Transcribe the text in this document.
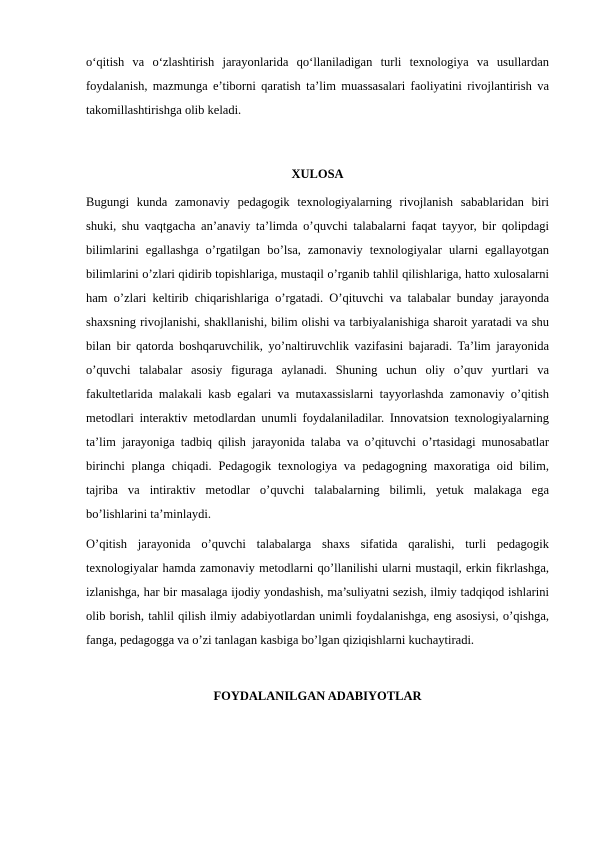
o‘qitish va o‘zlashtirish jarayonlarida qo‘llaniladigan turli texnologiya va usullardan foydalanish, mazmunga e’tiborni qaratish ta’lim muassasalari faoliyatini rivojlantirish va takomillashtirishga olib keladi.

XULOSA

Bugungi kunda zamonaviy pedagogik texnologiyalarning rivojlanish sabablaridan biri shuki, shu vaqtgacha an’anaviy ta’limda o’quvchi talabalarni faqat tayyor, bir qolipdagi bilimlarini egallashga o’rgatilgan bo’lsa, zamonaviy texnologiyalar ularni egallayotgan bilimlarini o’zlari qidirib topishlariga, mustaqil o’rganib tahlil qilishlariga, hatto xulosalarni ham o’zlari keltirib chiqarishlariga o’rgatadi. O’qituvchi va talabalar bunday jarayonda shaxsning rivojlanishi, shakllanishi, bilim olishi va tarbiyalanishiga sharoit yaratadi va shu bilan bir qatorda boshqaruvchilik, yo’naltiruvchlik vazifasini bajaradi. Ta’lim jarayonida o’quvchi talabalar asosiy figuraga aylanadi. Shuning uchun oliy o’quv yurtlari va fakultetlarida malakali kasb egalari va mutaxassislarni tayyorlashda zamonaviy o’qitish metodlari interaktiv metodlardan unumli foydalaniladilar. Innovatsion texnologiyalarning ta’lim jarayoniga tadbiq qilish jarayonida talaba va o’qituvchi o’rtasidagi munosabatlar birinchi planga chiqadi. Pedagogik texnologiya va pedagogning maxoratiga oid bilim, tajriba va intiraktiv metodlar o’quvchi talabalarning bilimli, yetuk malakaga ega bo’lishlarini ta’minlaydi.

O’qitish jarayonida o’quvchi talabalarga shaxs sifatida qaralishi, turli pedagogik texnologiyalar hamda zamonaviy metodlarni qo’llanilishi ularni mustaqil, erkin fikrlashga, izlanishga, har bir masalaga ijodiy yondashish, ma’suliyatni sezish, ilmiy tadqiqod ishlarini olib borish, tahlil qilish ilmiy adabiyotlardan unimli foydalanishga, eng asosiysi, o’qishga, fanga, pedagogga va o’zi tanlagan kasbiga bo’lgan qiziqishlarni kuchaytiradi.

FOYDALANILGAN ADABIYOTLAR
